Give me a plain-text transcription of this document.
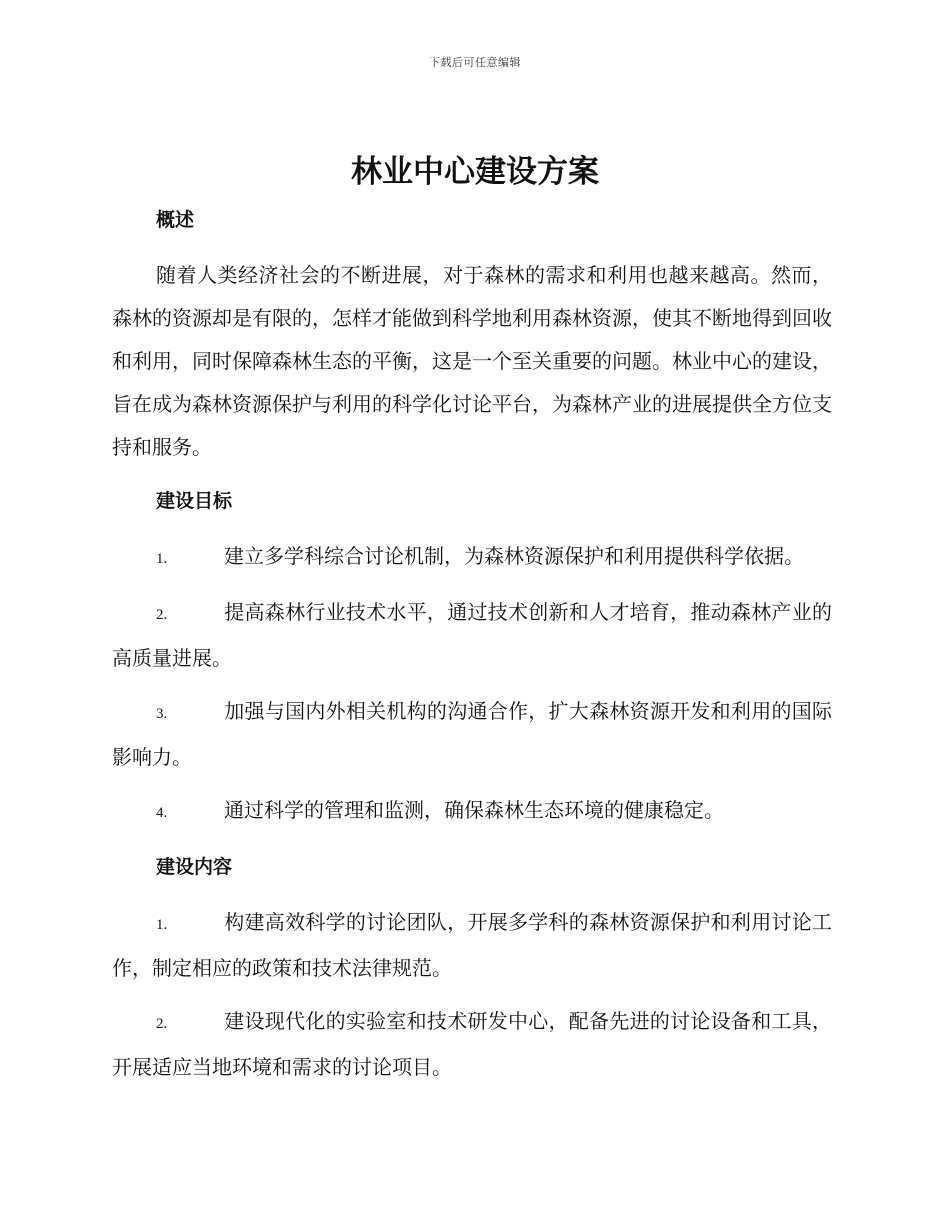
下载后可任意编辑
林业中心建设方案
概述

随着人类经济社会的不断进展，对于森林的需求和利用也越来越高。然而，森林的资源却是有限的，怎样才能做到科学地利用森林资源，使其不断地得到回收和利用，同时保障森林生态的平衡，这是一个至关重要的问题。林业中心的建设，旨在成为森林资源保护与利用的科学化讨论平台，为森林产业的进展提供全方位支持和服务。

建设目标

1.	建立多学科综合讨论机制，为森林资源保护和利用提供科学依据。

2.	提高森林行业技术水平，通过技术创新和人才培育，推动森林产业的高质量进展。

3.	加强与国内外相关机构的沟通合作，扩大森林资源开发和利用的国际影响力。

4.	通过科学的管理和监测，确保森林生态环境的健康稳定。

建设内容

1.	构建高效科学的讨论团队，开展多学科的森林资源保护和利用讨论工作，制定相应的政策和技术法律规范。

2.	建设现代化的实验室和技术研发中心，配备先进的讨论设备和工具，开展适应当地环境和需求的讨论项目。
